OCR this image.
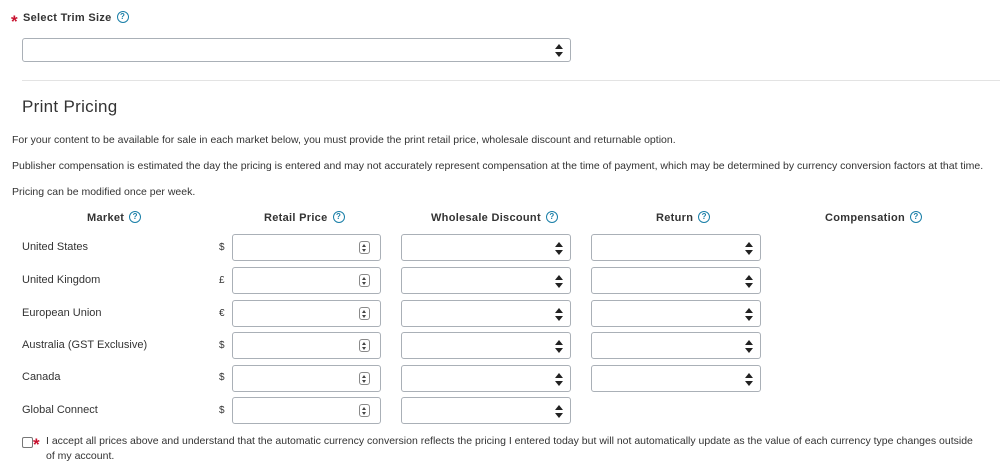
* Select Trim Size ?
Print Pricing
For your content to be available for sale in each market below, you must provide the print retail price, wholesale discount and returnable option.
Publisher compensation is estimated the day the pricing is entered and may not accurately represent compensation at the time of payment, which may be determined by currency conversion factors at that time.
Pricing can be modified once per week.
Market ?	Retail Price ?	Wholesale Discount ?	Return ?	Compensation ?
United States	$
United Kingdom	£
European Union	€
Australia (GST Exclusive)	$
Canada	$
Global Connect	$
* I accept all prices above and understand that the automatic currency conversion reflects the pricing I entered today but will not automatically update as the value of each currency type changes outside of my account.
